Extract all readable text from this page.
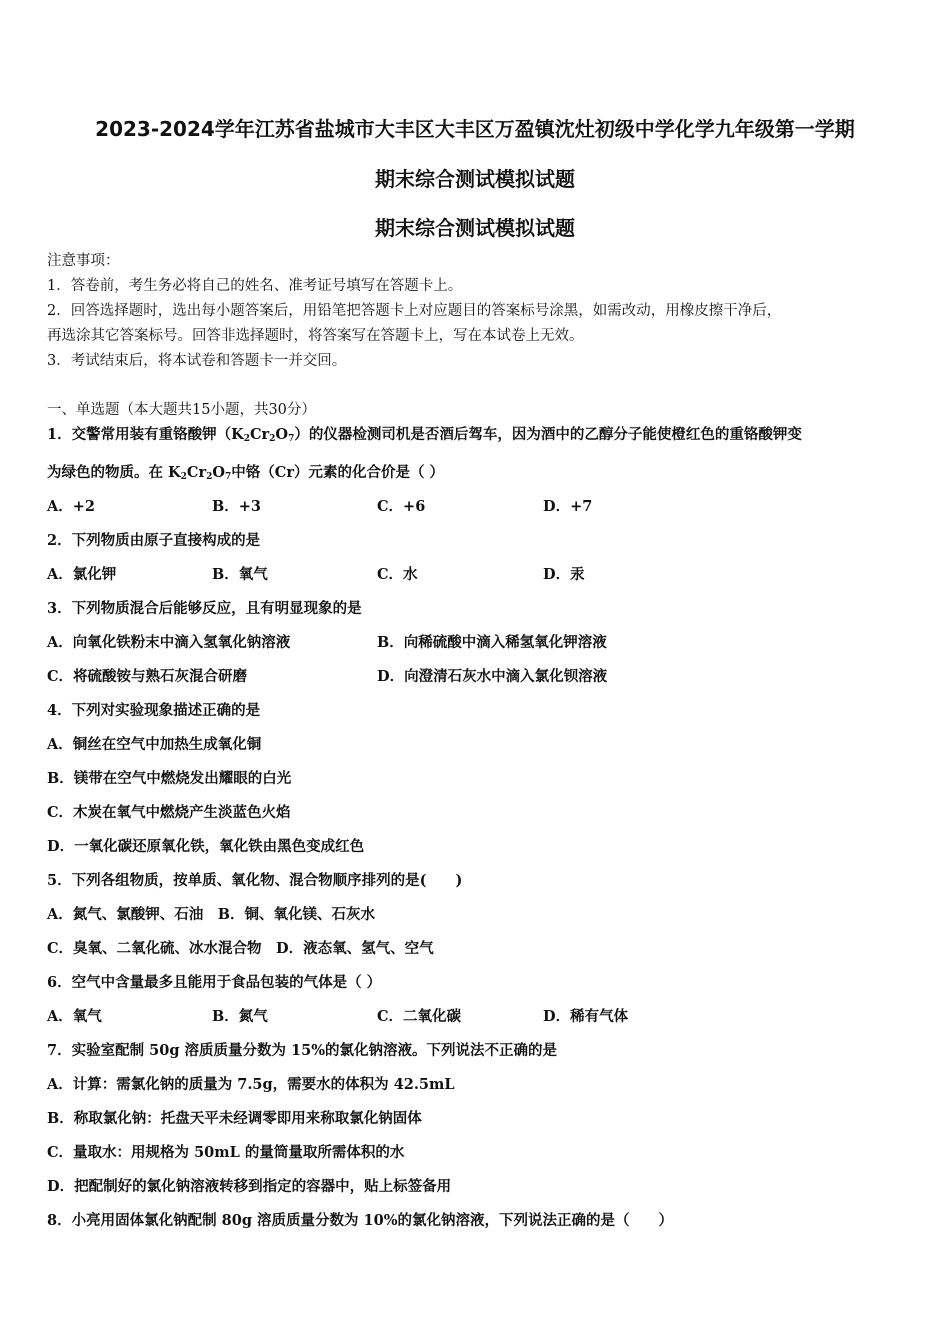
2023-2024学年江苏省盐城市大丰区大丰区万盈镇沈灶初级中学化学九年级第一学期
期末综合测试模拟试题
期末综合测试模拟试题
注意事项：
1．答卷前，考生务必将自己的姓名、准考证号填写在答题卡上。
2．回答选择题时，选出每小题答案后，用铅笔把答题卡上对应题目的答案标号涂黑，如需改动，用橡皮擦干净后，
再选涂其它答案标号。回答非选择题时，将答案写在答题卡上，写在本试卷上无效。
3．考试结束后，将本试卷和答题卡一并交回。
一、单选题（本大题共15小题，共30分）
1．交警常用装有重铬酸钾$(K_2Cr_2O_7)$的仪器检测司机是否酒后驾车，因为酒中的乙醇分子能使橙红色的重铬酸钾变
为绿色的物质。在 $K_2Cr_2O_7$中铬（Cr）元素的化合价是（ ）
A．+2	B．+3	C．+6	D．+7
2．下列物质由原子直接构成的是
A．氯化钾	B．氧气	C．水	D．汞
3．下列物质混合后能够反应，且有明显现象的是
A．向氧化铁粉末中滴入氢氧化钠溶液	B．向稀硫酸中滴入稀氢氧化钾溶液
C．将硫酸铵与熟石灰混合研磨	D．向澄清石灰水中滴入氯化钡溶液
4．下列对实验现象描述正确的是
A．铜丝在空气中加热生成氧化铜
B．镁带在空气中燃烧发出耀眼的白光
C．木炭在氧气中燃烧产生淡蓝色火焰
D．一氧化碳还原氧化铁，氧化铁由黑色变成红色
5．下列各组物质，按单质、氧化物、混合物顺序排列的是(　　)
A．氮气、氯酸钾、石油　B．铜、氧化镁、石灰水
C．臭氧、二氧化硫、冰水混合物　D．液态氧、氢气、空气
6．空气中含量最多且能用于食品包装的气体是（ ）
A．氧气	B．氮气	C．二氧化碳	D．稀有气体
7．实验室配制 50g 溶质质量分数为 15%的氯化钠溶液。下列说法不正确的是
A．计算：需氯化钠的质量为 7.5g，需要水的体积为 42.5mL
B．称取氯化钠：托盘天平未经调零即用来称取氯化钠固体
C．量取水：用规格为 50mL 的量筒量取所需体积的水
D．把配制好的氯化钠溶液转移到指定的容器中，贴上标签备用
8．小亮用固体氯化钠配制 80g 溶质质量分数为 10%的氯化钠溶液，下列说法正确的是（　　）
